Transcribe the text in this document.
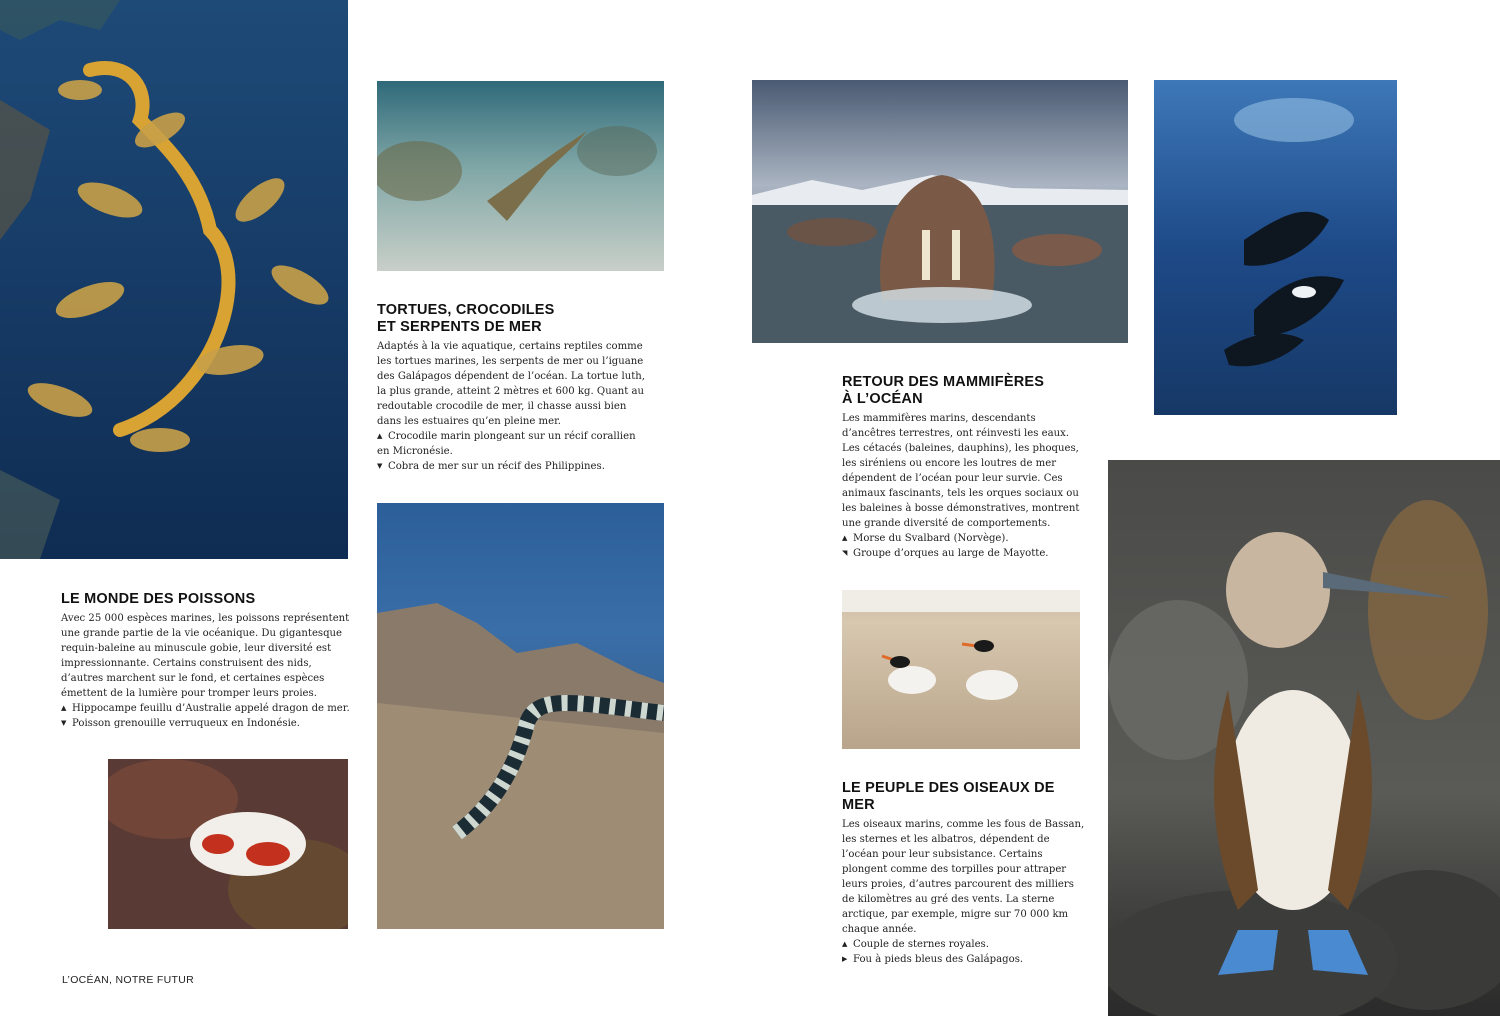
LE MONDE DES POISSONS

Avec 25 000 espèces marines, les poissons représentent une grande partie de la vie océanique. Du gigantesque requin-baleine au minuscule gobie, leur diversité est impressionnante. Certains construisent des nids, d’autres marchent sur le fond, et certaines espèces émettent de la lumière pour tromper leurs proies.

▲ Hippocampe feuillu d’Australie appelé dragon de mer.

▼ Poisson grenouille verruqueux en Indonésie.

TORTUES, CROCODILES
ET SERPENTS DE MER

Adaptés à la vie aquatique, certains reptiles comme les tortues marines, les serpents de mer ou l’iguane des Galápagos dépendent de l’océan. La tortue luth, la plus grande, atteint 2 mètres et 600 kg. Quant au redoutable crocodile de mer, il chasse aussi bien dans les estuaires qu’en pleine mer.

▲ Crocodile marin plongeant sur un récif corallien en Micronésie.

▼ Cobra de mer sur un récif des Philippines.

RETOUR DES MAMMIFÈRES
À L’OCÉAN

Les mammifères marins, descendants d’ancêtres terrestres, ont réinvesti les eaux. Les cétacés (baleines, dauphins), les phoques, les siréniens ou encore les loutres de mer dépendent de l’océan pour leur survie. Ces animaux fascinants, tels les orques sociaux ou les baleines à bosse démonstratives, montrent une grande diversité de comportements.

▲ Morse du Svalbard (Norvège).

◥ Groupe d’orques au large de Mayotte.

LE PEUPLE DES OISEAUX DE MER

Les oiseaux marins, comme les fous de Bassan, les sternes et les albatros, dépendent de l’océan pour leur subsistance. Certains plongent comme des torpilles pour attraper leurs proies, d’autres parcourent des milliers de kilomètres au gré des vents. La sterne arctique, par exemple, migre sur 70 000 km chaque année.

▲ Couple de sternes royales.

▶ Fou à pieds bleus des Galápagos.

L’OCÉAN, NOTRE FUTUR
